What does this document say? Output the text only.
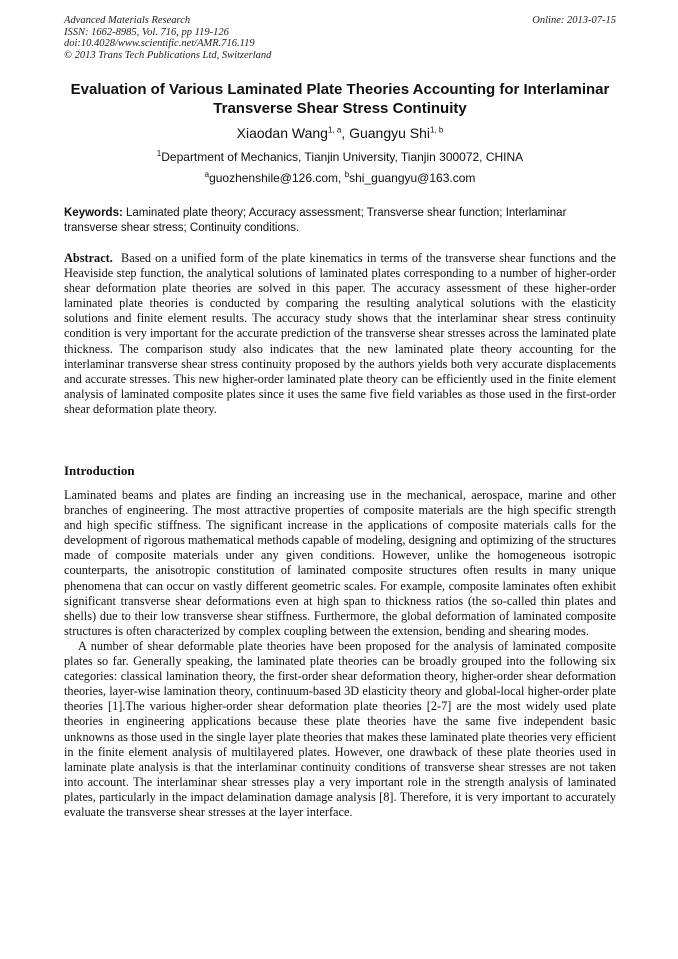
Advanced Materials Research
ISSN: 1662-8985, Vol. 716, pp 119-126
doi:10.4028/www.scientific.net/AMR.716.119
© 2013 Trans Tech Publications Ltd, Switzerland
Online: 2013-07-15
Evaluation of Various Laminated Plate Theories Accounting for Interlaminar Transverse Shear Stress Continuity
Xiaodan Wang$^{1, a}$, Guangyu Shi$^{1, b}$
$^1$Department of Mechanics, Tianjin University, Tianjin 300072, CHINA
$^a$guozhenshile@126.com, $^b$shi_guangyu@163.com
Keywords: Laminated plate theory; Accuracy assessment; Transverse shear function; Interlaminar transverse shear stress; Continuity conditions.

Abstract. Based on a unified form of the plate kinematics in terms of the transverse shear functions and the Heaviside step function, the analytical solutions of laminated plates corresponding to a number of higher-order shear deformation plate theories are solved in this paper. The accuracy assessment of these higher-order laminated plate theories is conducted by comparing the resulting analytical solutions with the elasticity solutions and finite element results. The accuracy study shows that the interlaminar shear stress continuity condition is very important for the accurate prediction of the transverse shear stresses across the laminated plate thickness. The comparison study also indicates that the new laminated plate theory accounting for the interlaminar transverse shear stress continuity proposed by the authors yields both very accurate displacements and accurate stresses. This new higher-order laminated plate theory can be efficiently used in the finite element analysis of laminated composite plates since it uses the same five field variables as those used in the first-order shear deformation plate theory.

Introduction

Laminated beams and plates are finding an increasing use in the mechanical, aerospace, marine and other branches of engineering. The most attractive properties of composite materials are the high specific strength and high specific stiffness. The significant increase in the applications of composite materials calls for the development of rigorous mathematical methods capable of modeling, designing and optimizing of the structures made of composite materials under any given conditions. However, unlike the homogeneous isotropic counterparts, the anisotropic constitution of laminated composite structures often results in many unique phenomena that can occur on vastly different geometric scales. For example, composite laminates often exhibit significant transverse shear deformations even at high span to thickness ratios (the so-called thin plates and shells) due to their low transverse shear stiffness. Furthermore, the global deformation of laminated composite structures is often characterized by complex coupling between the extension, bending and shearing modes.

A number of shear deformable plate theories have been proposed for the analysis of laminated composite plates so far. Generally speaking, the laminated plate theories can be broadly grouped into the following six categories: classical lamination theory, the first-order shear deformation theory, higher-order shear deformation theories, layer-wise lamination theory, continuum-based 3D elasticity theory and global-local higher-order plate theories [1].The various higher-order shear deformation plate theories [2-7] are the most widely used plate theories in engineering applications because these plate theories have the same five independent basic unknowns as those used in the single layer plate theories that makes these laminated plate theories very efficient in the finite element analysis of multilayered plates. However, one drawback of these plate theories used in laminate plate analysis is that the interlaminar continuity conditions of transverse shear stresses are not taken into account. The interlaminar shear stresses play a very important role in the strength analysis of laminated plates, particularly in the impact delamination damage analysis [8]. Therefore, it is very important to accurately evaluate the transverse shear stresses at the layer interface.
